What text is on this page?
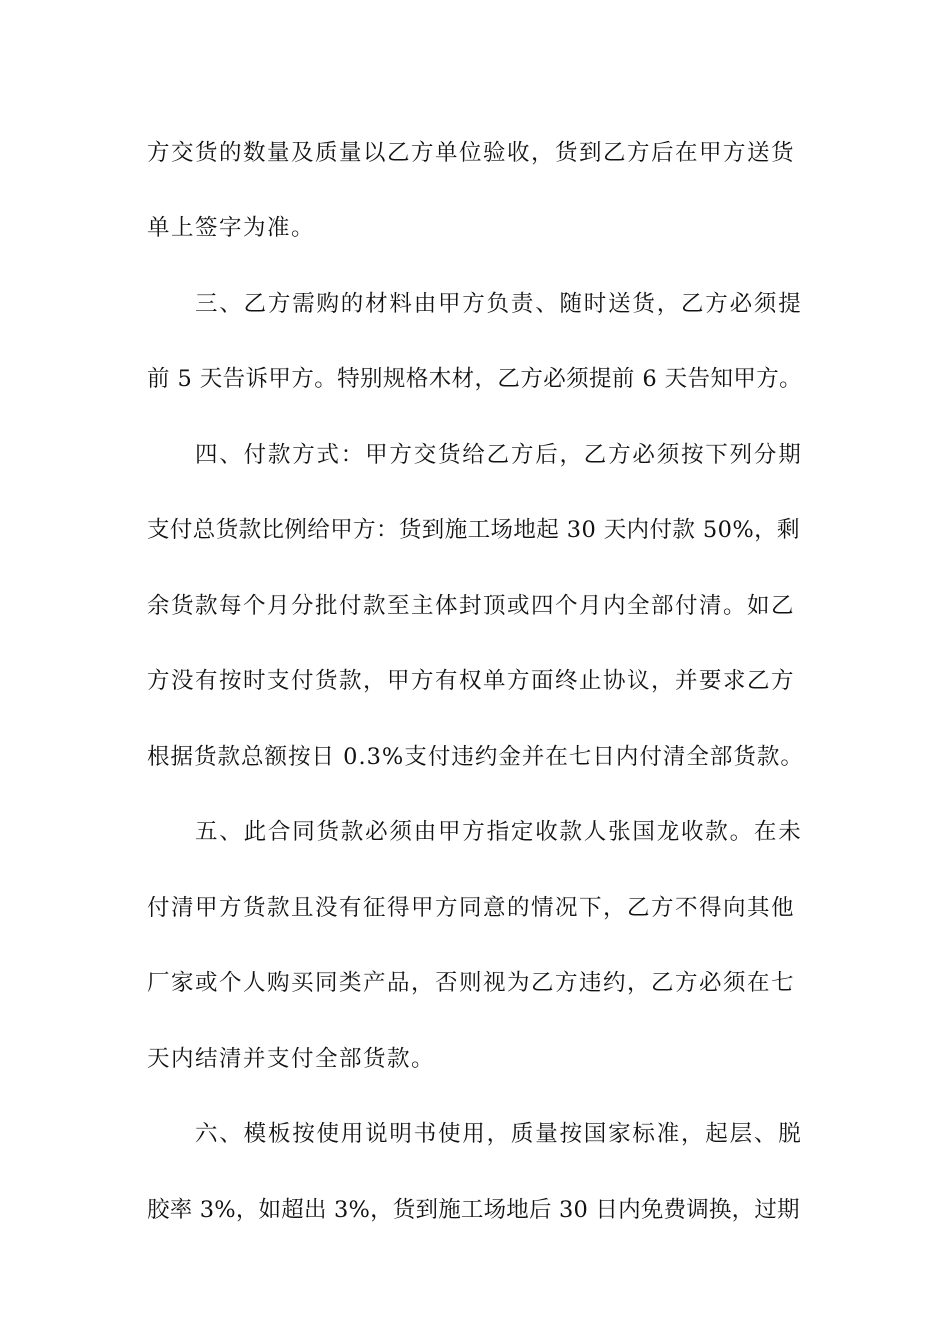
方交货的数量及质量以乙方单位验收，货到乙方后在甲方送货
单上签字为准。
三、乙方需购的材料由甲方负责、随时送货，乙方必须提
前 5 天告诉甲方。特别规格木材，乙方必须提前 6 天告知甲方。
四、付款方式：甲方交货给乙方后，乙方必须按下列分期
支付总货款比例给甲方：货到施工场地起 30 天内付款 50%，剩
余货款每个月分批付款至主体封顶或四个月内全部付清。如乙
方没有按时支付货款，甲方有权单方面终止协议，并要求乙方
根据货款总额按日 0.3%支付违约金并在七日内付清全部货款。
五、此合同货款必须由甲方指定收款人张国龙收款。在未
付清甲方货款且没有征得甲方同意的情况下，乙方不得向其他
厂家或个人购买同类产品，否则视为乙方违约，乙方必须在七
天内结清并支付全部货款。
六、模板按使用说明书使用，质量按国家标准，起层、脱
胶率 3%，如超出 3%，货到施工场地后 30 日内免费调换，过期
